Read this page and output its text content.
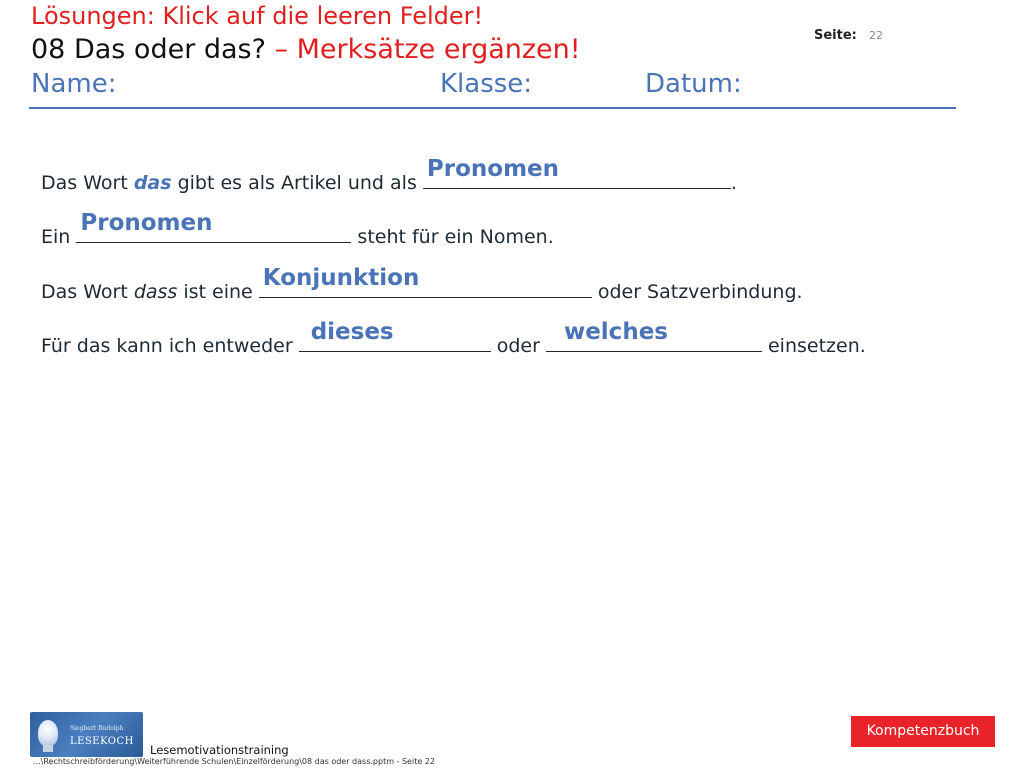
Lösungen: Klick auf die leeren Felder!
08 Das oder das? – Merksätze ergänzen!	Seite: 22
Name:	Klasse:	Datum:
Das Wort das gibt es als Artikel und als
Pronomen
.
Ein
Pronomen
steht für ein Nomen.
Das Wort dass ist eine
Konjunktion
oder Satzverbindung.
Für das kann ich entweder
dieses
oder
welches
einsetzen.
Siegbert Rudolph
LESEKOCH
Lesemotivationstraining
...\Rechtschreibförderung\Weiterführende Schulen\Einzelförderung\08 das oder dass.pptm - Seite 22
Kompetenzbuch
